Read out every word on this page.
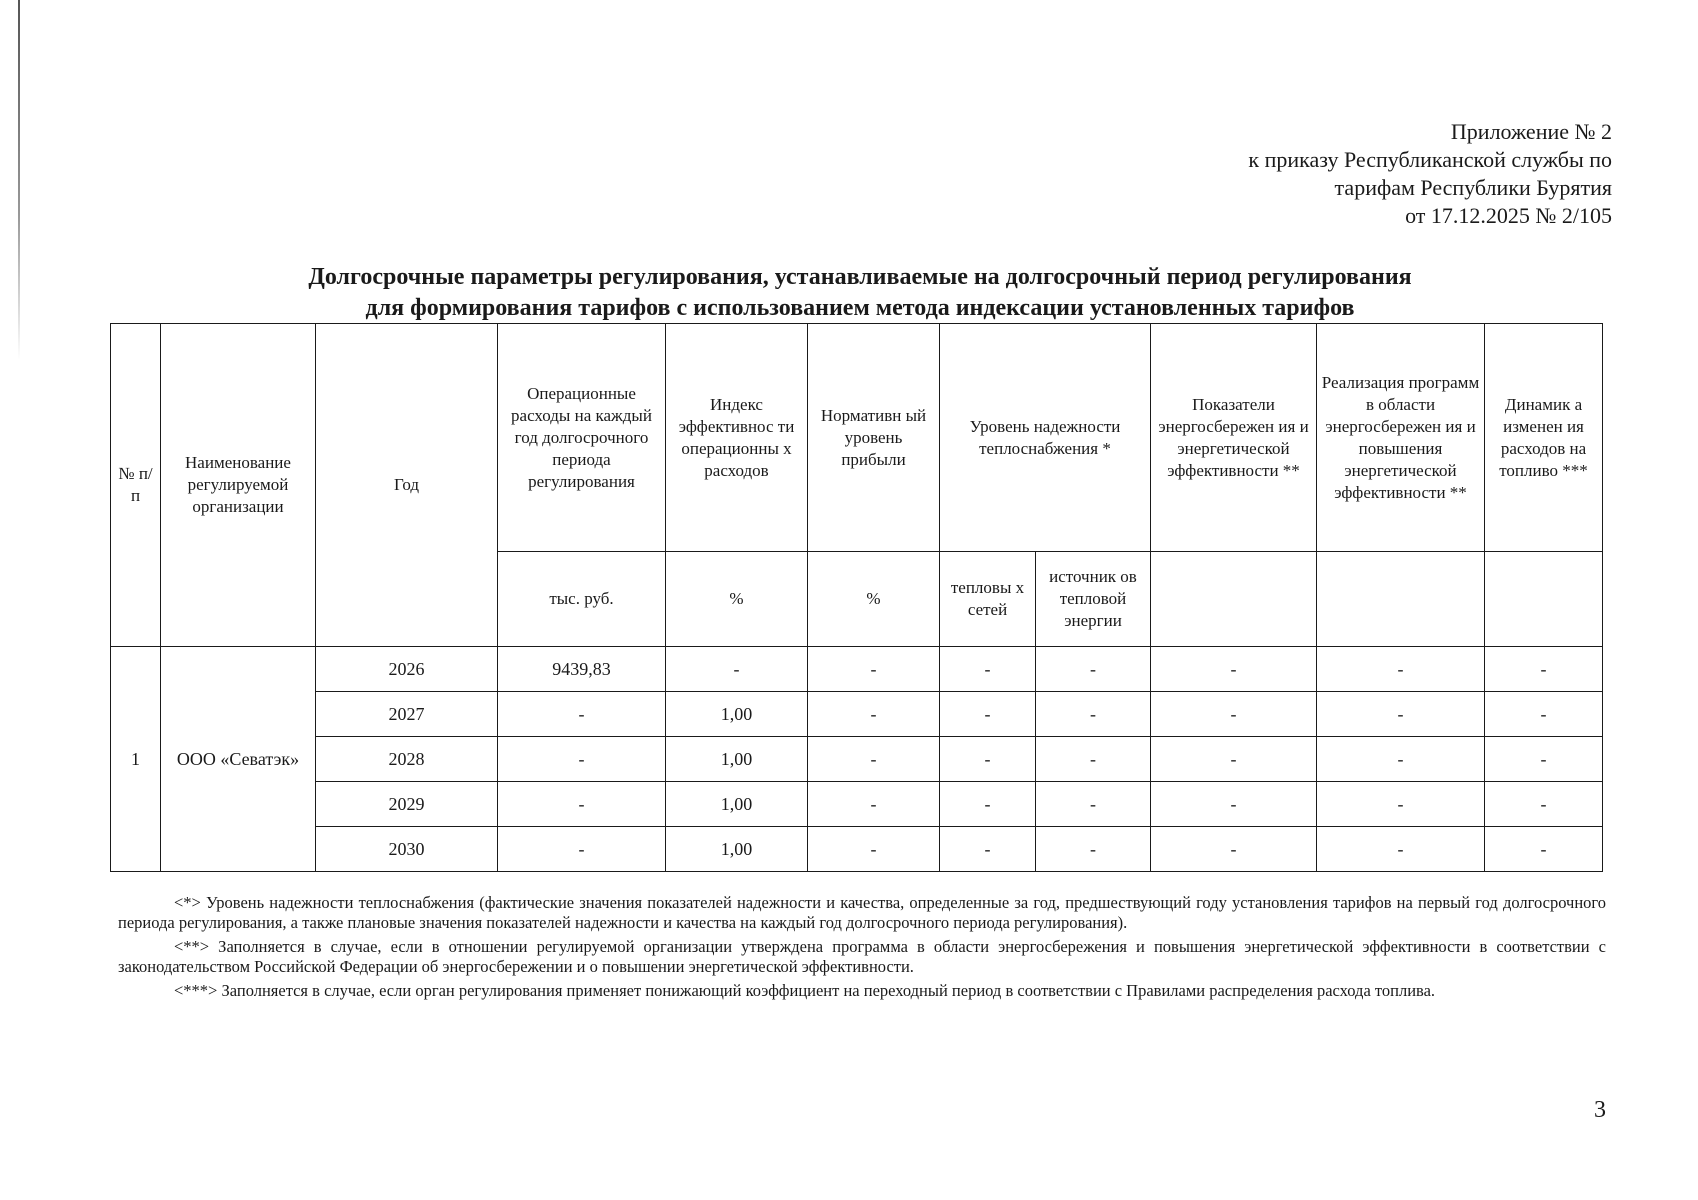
Приложение № 2
к приказу Республиканской службы по
тарифам Республики Бурятия
от 17.12.2025 № 2/105
Долгосрочные параметры регулирования, устанавливаемые на долгосрочный период регулирования
для формирования тарифов с использованием метода индексации установленных тарифов
№ п/п	Наименование регулируемой организации	Год	Операционные расходы на каждый год долгосрочного периода регулирования	Индекс эффективнос ти операционны х расходов	Нормативн ый уровень прибыли	Уровень надежности теплоснабжения *		Показатели энергосбережен ия и энергетической эффективности **	Реализация программ в области энергосбережен ия и повышения энергетической эффективности **	Динамик а изменен ия расходов на топливо ***
			тыс. руб.	%	%	тепловы х сетей	источник ов тепловой энергии			
1	ООО «Севатэк»	2026	9439,83	-	-	-	-	-	-	-
		2027	-	1,00	-	-	-	-	-	-
		2028	-	1,00	-	-	-	-	-	-
		2029	-	1,00	-	-	-	-	-	-
		2030	-	1,00	-	-	-	-	-	-

<*> Уровень надежности теплоснабжения (фактические значения показателей надежности и качества, определенные за год, предшествующий году установления тарифов на первый год долгосрочного периода регулирования, а также плановые значения показателей надежности и качества на каждый год долгосрочного периода регулирования).

<**> Заполняется в случае, если в отношении регулируемой организации утверждена программа в области энергосбережения и повышения энергетической эффективности в соответствии с законодательством Российской Федерации об энергосбережении и о повышении энергетической эффективности.

<***> Заполняется в случае, если орган регулирования применяет понижающий коэффициент на переходный период в соответствии с Правилами распределения расхода топлива.

3
